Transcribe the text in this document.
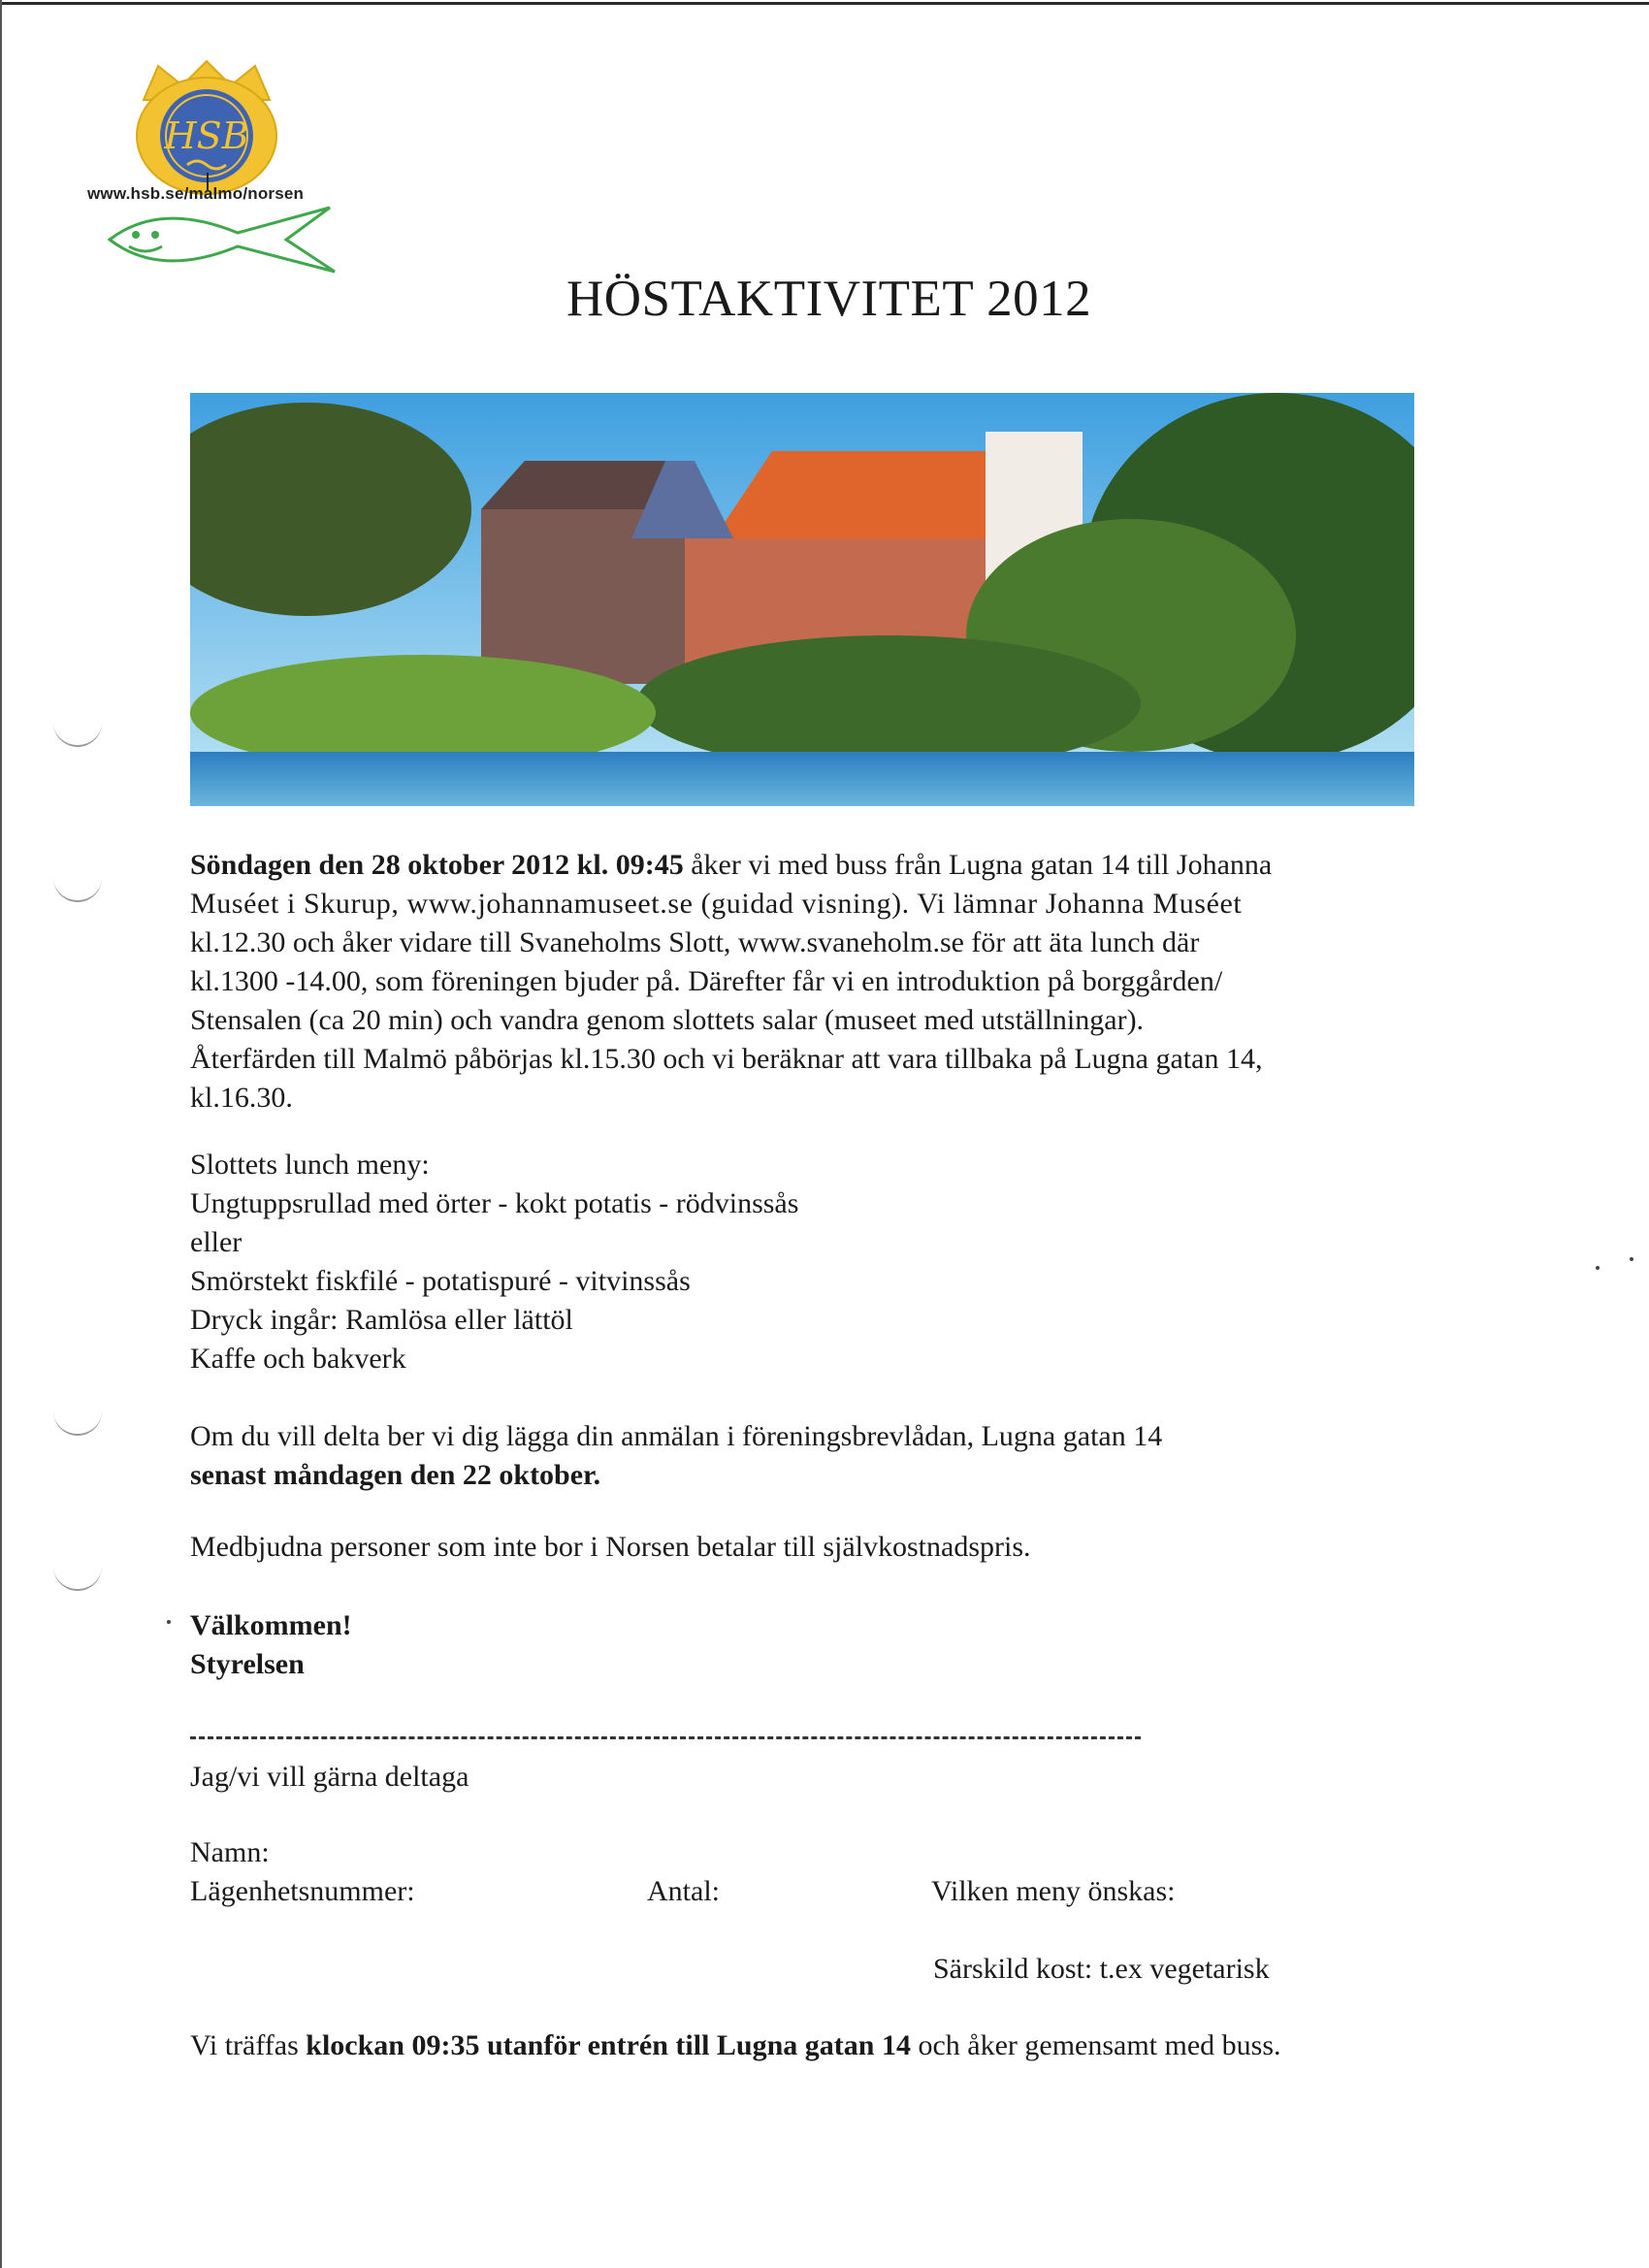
HSB
www.hsb.se/malmo/norsen
HÖSTAKTIVITET 2012

Söndagen den 28 oktober 2012 kl. 09:45 åker vi med buss från Lugna gatan 14 till Johanna

Muséet i Skurup, www.johannamuseet.se (guidad visning). Vi lämnar Johanna Muséet

kl.12.30 och åker vidare till Svaneholms Slott, www.svaneholm.se för att äta lunch där

kl.1300 -14.00, som föreningen bjuder på. Därefter får vi en introduktion på borggården/

Stensalen (ca 20 min) och vandra genom slottets salar (museet med utställningar).

Återfärden till Malmö påbörjas kl.15.30 och vi beräknar att vara tillbaka på Lugna gatan 14,

kl.16.30.

Slottets lunch meny:

Ungtuppsrullad med örter - kokt potatis - rödvinssås

eller

Smörstekt fiskfilé - potatispuré - vitvinssås

Dryck ingår: Ramlösa eller lättöl

Kaffe och bakverk

Om du vill delta ber vi dig lägga din anmälan i föreningsbrevlådan, Lugna gatan 14

senast måndagen den 22 oktober.

Medbjudna personer som inte bor i Norsen betalar till självkostnadspris.

Välkommen!

Styrelsen

Jag/vi vill gärna deltaga
Namn:
Lägenhetsnummer:	Antal:	Vilken meny önskas:
Särskild kost: t.ex vegetarisk
Vi träffas klockan 09:35 utanför entrén till Lugna gatan 14 och åker gemensamt med buss.
